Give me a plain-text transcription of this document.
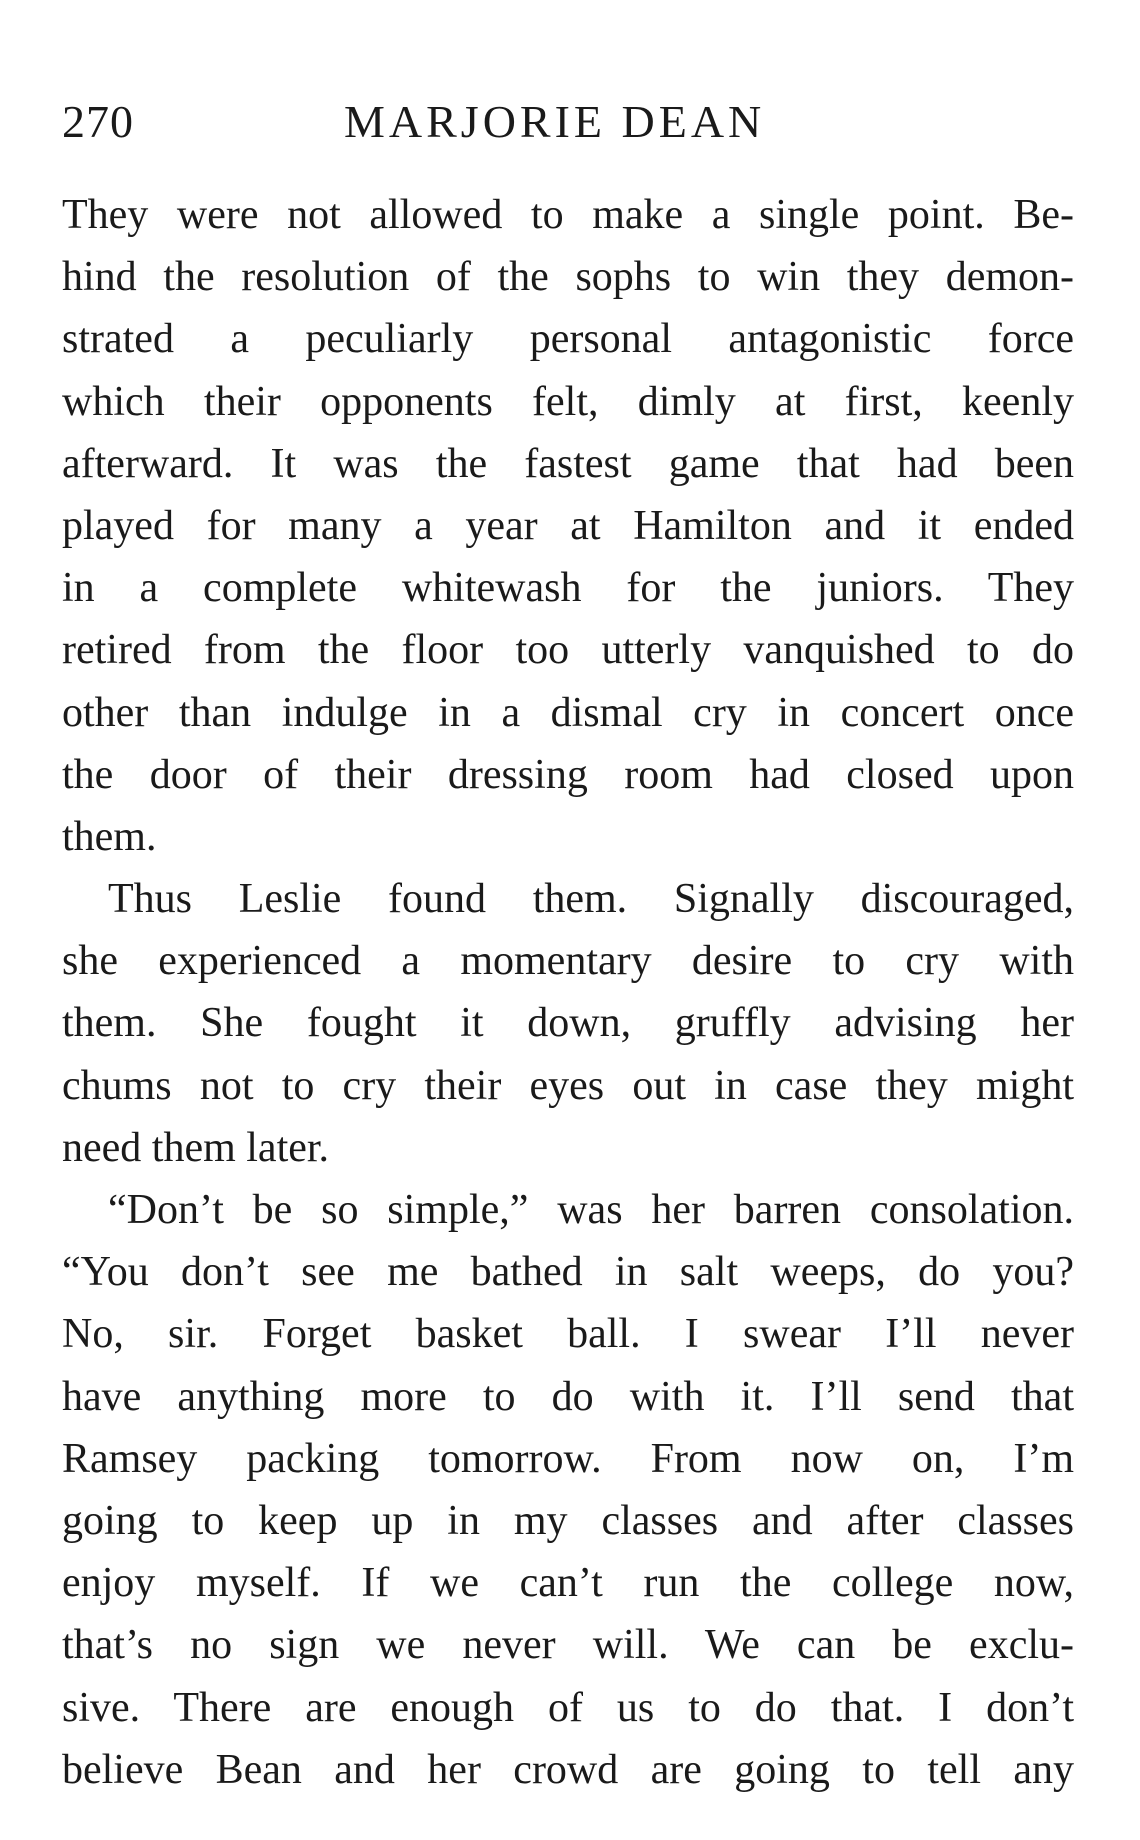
270	MARJORIE DEAN

They were not allowed to make a single point. Be-
hind the resolution of the sophs to win they demon-
strated a peculiarly personal antagonistic force
which their opponents felt, dimly at first, keenly
afterward. It was the fastest game that had been
played for many a year at Hamilton and it ended
in a complete whitewash for the juniors. They
retired from the floor too utterly vanquished to do
other than indulge in a dismal cry in concert once
the door of their dressing room had closed upon
them.

Thus Leslie found them. Signally discouraged,
she experienced a momentary desire to cry with
them. She fought it down, gruffly advising her
chums not to cry their eyes out in case they might
need them later.

“Don’t be so simple,” was her barren consolation.
“You don’t see me bathed in salt weeps, do you?
No, sir. Forget basket ball. I swear I’ll never
have anything more to do with it. I’ll send that
Ramsey packing tomorrow. From now on, I’m
going to keep up in my classes and after classes
enjoy myself. If we can’t run the college now,
that’s no sign we never will. We can be exclu-
sive. There are enough of us to do that. I don’t
believe Bean and her crowd are going to tell any
